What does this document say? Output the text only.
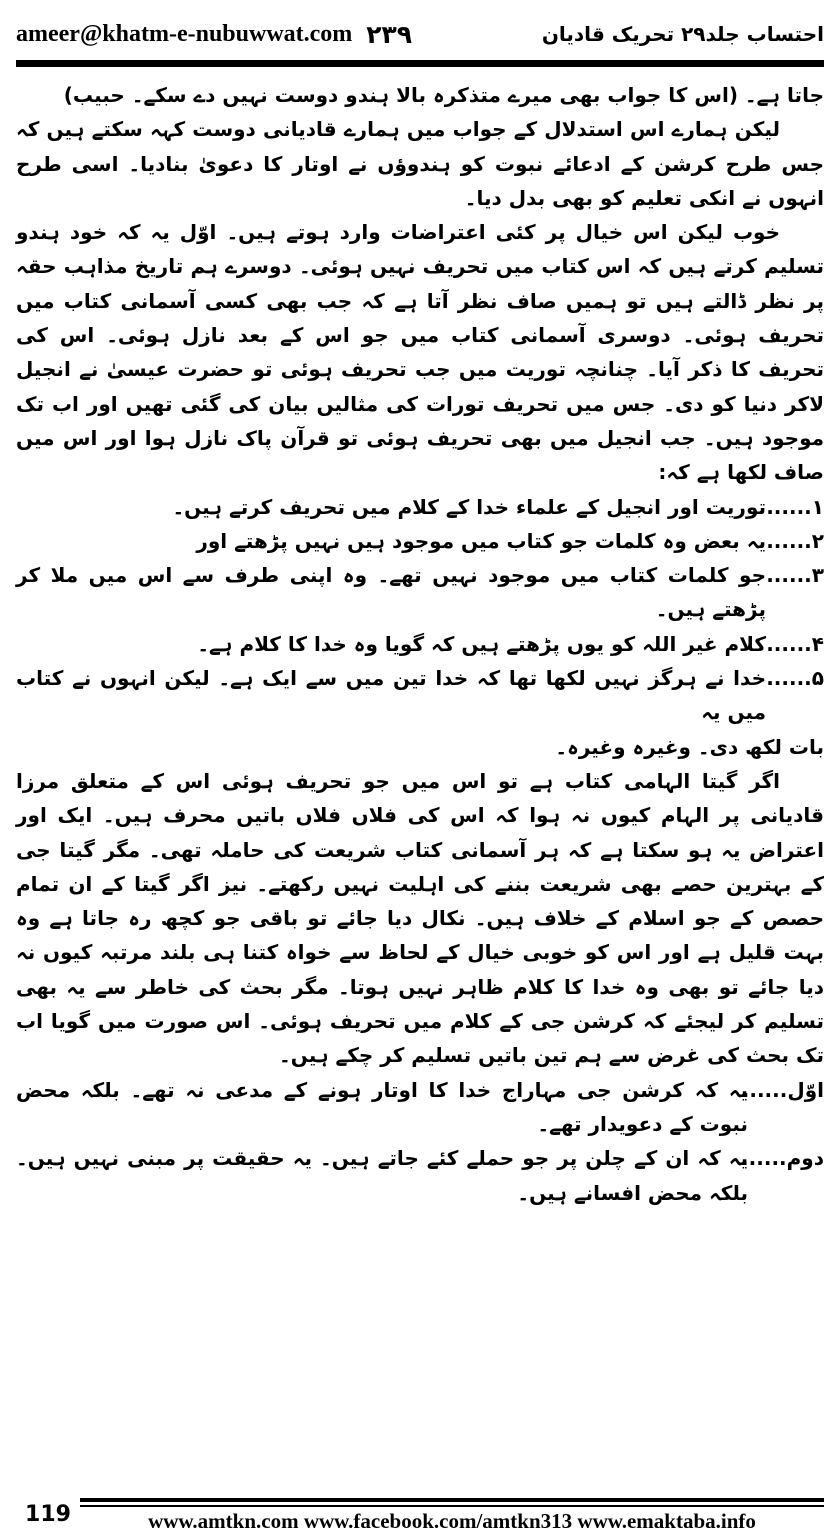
ameer@khatm-e-nubuwwat.com ۲۳۹	احتساب جلد۲۹ تحریک قادیان

جاتا ہے۔ (اس کا جواب بھی میرے متذکرہ بالا ہندو دوست نہیں دے سکے۔ حبیب)

لیکن ہمارے اس استدلال کے جواب میں ہمارے قادیانی دوست کہہ سکتے ہیں کہ جس طرح کرشن کے ادعائے نبوت کو ہندوؤں نے اوتار کا دعویٰ بنادیا۔ اسی طرح انہوں نے انکی تعلیم کو بھی بدل دیا۔

خوب لیکن اس خیال پر کئی اعتراضات وارد ہوتے ہیں۔ اوّل یہ کہ خود ہندو تسلیم کرتے ہیں کہ اس کتاب میں تحریف نہیں ہوئی۔ دوسرے ہم تاریخ مذاہب حقہ پر نظر ڈالتے ہیں تو ہمیں صاف نظر آتا ہے کہ جب بھی کسی آسمانی کتاب میں تحریف ہوئی۔ دوسری آسمانی کتاب میں جو اس کے بعد نازل ہوئی۔ اس کی تحریف کا ذکر آیا۔ چنانچہ توریت میں جب تحریف ہوئی تو حضرت عیسیٰ نے انجیل لاکر دنیا کو دی۔ جس میں تحریف تورات کی مثالیں بیان کی گئی تھیں اور اب تک موجود ہیں۔ جب انجیل میں بھی تحریف ہوئی تو قرآن پاک نازل ہوا اور اس میں صاف لکھا ہے کہ:

۱......
توریت اور انجیل کے علماء خدا کے کلام میں تحریف کرتے ہیں۔
۲......
یہ بعض وہ کلمات جو کتاب میں موجود ہیں نہیں پڑھتے اور
۳......
جو کلمات کتاب میں موجود نہیں تھے۔ وہ اپنی طرف سے اس میں ملا کر پڑھتے ہیں۔
۴......
کلام غیر اللہ کو یوں پڑھتے ہیں کہ گویا وہ خدا کا کلام ہے۔
۵......
خدا نے ہرگز نہیں لکھا تھا کہ خدا تین میں سے ایک ہے۔ لیکن انہوں نے کتاب میں یہ

بات لکھ دی۔ وغیرہ وغیرہ۔

اگر گیتا الہامی کتاب ہے تو اس میں جو تحریف ہوئی اس کے متعلق مرزا قادیانی پر الہام کیوں نہ ہوا کہ اس کی فلاں فلاں باتیں محرف ہیں۔ ایک اور اعتراض یہ ہو سکتا ہے کہ ہر آسمانی کتاب شریعت کی حاملہ تھی۔ مگر گیتا جی کے بہترین حصے بھی شریعت بننے کی اہلیت نہیں رکھتے۔ نیز اگر گیتا کے ان تمام حصص کے جو اسلام کے خلاف ہیں۔ نکال دیا جائے تو باقی جو کچھ رہ جاتا ہے وہ بہت قلیل ہے اور اس کو خوبی خیال کے لحاظ سے خواہ کتنا ہی بلند مرتبہ کیوں نہ دیا جائے تو بھی وہ خدا کا کلام ظاہر نہیں ہوتا۔ مگر بحث کی خاطر سے یہ بھی تسلیم کر لیجئے کہ کرشن جی کے کلام میں تحریف ہوئی۔ اس صورت میں گویا اب تک بحث کی غرض سے ہم تین باتیں تسلیم کر چکے ہیں۔

اوّل......
یہ کہ کرشن جی مہاراج خدا کا اوتار ہونے کے مدعی نہ تھے۔ بلکہ محض نبوت کے دعویدار تھے۔
دوم......
یہ کہ ان کے چلن پر جو حملے کئے جاتے ہیں۔ یہ حقیقت پر مبنی نہیں ہیں۔ بلکہ محض افسانے ہیں۔
119	www.amtkn.com www.facebook.com/amtkn313 www.emaktaba.info
